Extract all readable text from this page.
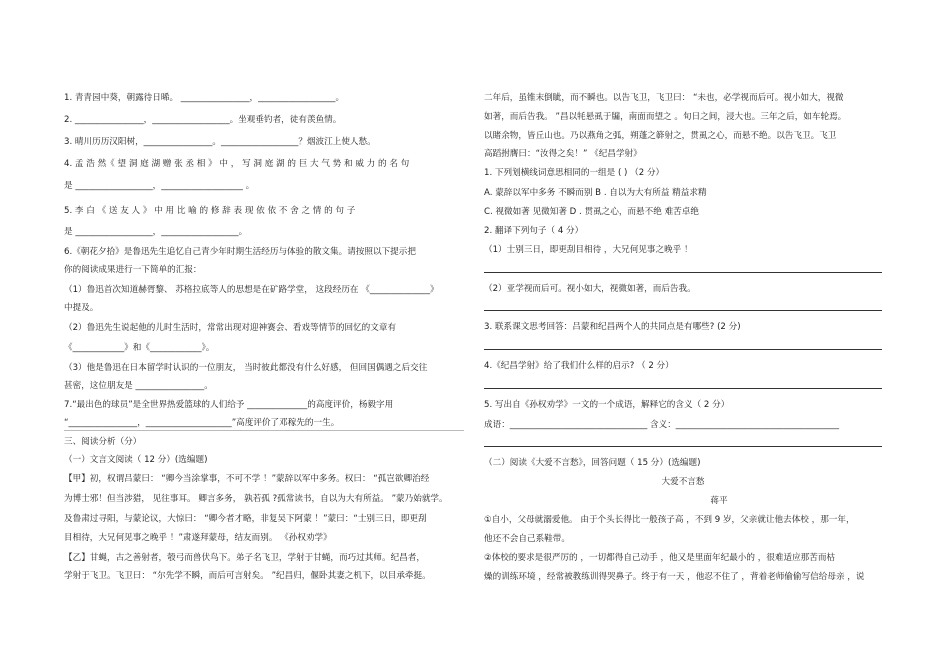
1. 青青园中葵，朝露待日晞。 ________________，__________________。
2. ________________，__________________。坐观垂钓者，徒有羡鱼情。
3. 晴川历历汉阳树，________________。__________________？烟波江上使人愁。
4. 孟 浩 然《 望 洞 庭 湖 赠 张 丞 相 》 中 ， 写 洞 庭 湖 的 巨 大 气 势 和 威 力 的 名 句
是 __________________，___________________ 。
5. 李 白 《 送 友 人 》 中 用 比 喻 的 修 辞 表 现 依 依 不 舍 之 情 的 句 子
是 __________________，__________________。
6.《朝花夕拾》是鲁迅先生追忆自己青少年时期生活经历与体验的散文集。请按照以下提示把
你的阅读成果进行一下简单的汇报：
（1）鲁迅首次知道赫胥黎、 苏格拉底等人的思想是在矿路学堂， 这段经历在 《______________》
中提及。
（2）鲁迅先生说起他的儿时生活时，常常出现对迎神赛会、看戏等情节的回忆的文章有
《____________》和《____________》。
（3）他是鲁迅在日本留学时认识的一位朋友， 当时彼此都没有什么好感， 但回国偶遇之后交往
甚密，这位朋友是 ________________。
7.“最出色的球员”是全世界热爱篮球的人们给予 ______________的高度评价，杨毅字用
“________________，____________________”高度评价了邓稼先的一生。
三、阅读分析（分）
（一）文言文阅读（ 12 分）(选编题)
【甲】初，权谓吕蒙曰： “卿今当涂掌事，不可不学 ！”蒙辞以军中多务。权曰： “孤岂欲卿治经
为博士邪！但当涉猎， 见往事耳。 卿言多务， 孰若孤 ?孤常读书，自以为大有所益。 ”蒙乃始就学。
及鲁肃过寻阳，与蒙论议，大惊曰： “卿今者才略，非复吴下阿蒙 ！”蒙曰：“士别三日，即更刮
目相待，大兄何见事之晚乎 ！”肃遂拜蒙母，结友而别。 《孙权劝学》
【乙】甘蝇，古之善射者，彀弓而兽伏鸟下。弟子名飞卫，学射于甘蝇，而巧过其师。纪昌者，
学射于飞卫。飞卫曰： “尔先学不瞬，而后可言射矣。 ”纪昌归，偃卧其妻之机下，以目承牵挺。
二年后，虽锥末倒眦，而不瞬也。以告飞卫，飞卫曰： “未也，必学视而后可。视小如大，视微
如著，而后告我。 ”昌以牦悬虱于牖，南面而望之 。旬日之间，浸大也。三年之后，如车轮焉。
以睹余物，皆丘山也。乃以燕角之弧，朔蓬之簳射之，贯虱之心，而悬不绝。以告飞卫。飞卫
高蹈拊膺曰：“汝得之矣！” 《纪昌学射》
1. 下列划横线词意思相同的一组是 ( ) （2 分）
A. 蒙辞以军中多务 不瞬而别 B . 自以为大有所益 精益求精
C. 视微如著 见微知著 D . 贯虱之心，而悬不绝 难苦卓绝
2. 翻译下列句子（ 4 分）
（1）士别三日，即更刮目相待 ，大兄何见事之晚乎 ！
（2）亚学视而后可。视小如大，视微如著，而后告我。
3. 联系课文思考回答：吕蒙和纪昌两个人的共同点是有哪些? (2 分)
4.《纪昌学射》给了我们什么样的启示? （ 2 分）
5. 写出自《孙权劝学》一文的一个成语，解释它的含义（ 2 分）
成语：________________________________ 含义：______________________________________
（二）阅读《大爱不言愁》，回答问题（ 15 分）(选编题)
大爱不言愁
蒋平
①自小，父母就溺爱他。 由于个头长得比一般孩子高 ，不到 9 岁，父亲就让他去体校 ，那一年，
他还不会自己系鞋带。
②体校的要求是很严厉的 ，一切都得自己动手 ，他又是里面年纪最小的 ，很难适应那苦而枯
燥的训练环境 ，经常被教练训得哭鼻子。终于有一天 ，他忍不住了 ，背着老师偷偷写信给母亲 ，说
